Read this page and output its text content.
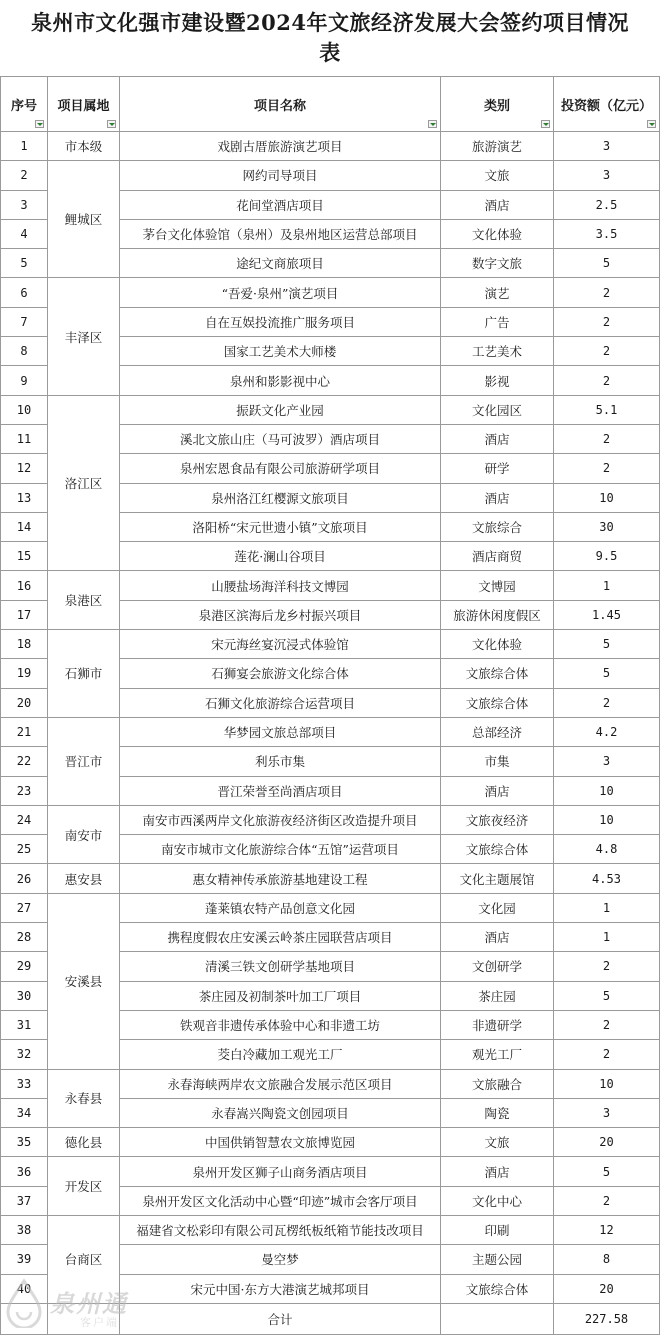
泉州市文化强市建设暨2024年文旅经济发展大会签约项目情况表
序号	项目属地	项目名称	类别	投资额（亿元）

1	市本级	戏剧古厝旅游演艺项目	旅游演艺	3
2	鲤城区	网约司导项目	文旅	3
3		花间堂酒店项目	酒店	2.5
4		茅台文化体验馆（泉州）及泉州地区运营总部项目	文化体验	3.5
5		途纪文商旅项目	数字文旅	5
6	丰泽区	“吾爱·泉州”演艺项目	演艺	2
7		自在互娱投流推广服务项目	广告	2
8		国家工艺美术大师楼	工艺美术	2
9		泉州和影影视中心	影视	2
10	洛江区	振跃文化产业园	文化园区	5.1
11		溪北文旅山庄（马可波罗）酒店项目	酒店	2
12		泉州宏恩食品有限公司旅游研学项目	研学	2
13		泉州洛江红樱源文旅项目	酒店	10
14		洛阳桥“宋元世遗小镇”文旅项目	文旅综合	30
15		莲花·澜山谷项目	酒店商贸	9.5
16	泉港区	山腰盐场海洋科技文博园	文博园	1
17		泉港区滨海后龙乡村振兴项目	旅游休闲度假区	1.45
18	石狮市	宋元海丝宴沉浸式体验馆	文化体验	5
19		石狮宴会旅游文化综合体	文旅综合体	5
20		石狮文化旅游综合运营项目	文旅综合体	2
21	晋江市	华梦园文旅总部项目	总部经济	4.2
22		利乐市集	市集	3
23		晋江荣誉至尚酒店项目	酒店	10
24	南安市	南安市西溪两岸文化旅游夜经济街区改造提升项目	文旅夜经济	10
25		南安市城市文化旅游综合体“五馆”运营项目	文旅综合体	4.8
26	惠安县	惠女精神传承旅游基地建设工程	文化主题展馆	4.53
27	安溪县	蓬莱镇农特产品创意文化园	文化园	1
28		携程度假农庄安溪云岭茶庄园联营店项目	酒店	1
29		清溪三铁文创研学基地项目	文创研学	2
30		茶庄园及初制茶叶加工厂项目	茶庄园	5
31		铁观音非遗传承体验中心和非遗工坊	非遗研学	2
32		茭白冷藏加工观光工厂	观光工厂	2
33	永春县	永春海峡两岸农文旅融合发展示范区项目	文旅融合	10
34		永春嵩兴陶瓷文创园项目	陶瓷	3
35	德化县	中国供销智慧农文旅博览园	文旅	20
36	开发区	泉州开发区狮子山商务酒店项目	酒店	5
37		泉州开发区文化活动中心暨“印迹”城市会客厅项目	文化中心	2
38	台商区	福建省文松彩印有限公司瓦楞纸板纸箱节能技改项目	印刷	12
39		曼空梦	主题公园	8
40		宋元中国·东方大港演艺城邦项目	文旅综合体	20
		合计		227.58
泉州通
客户端
